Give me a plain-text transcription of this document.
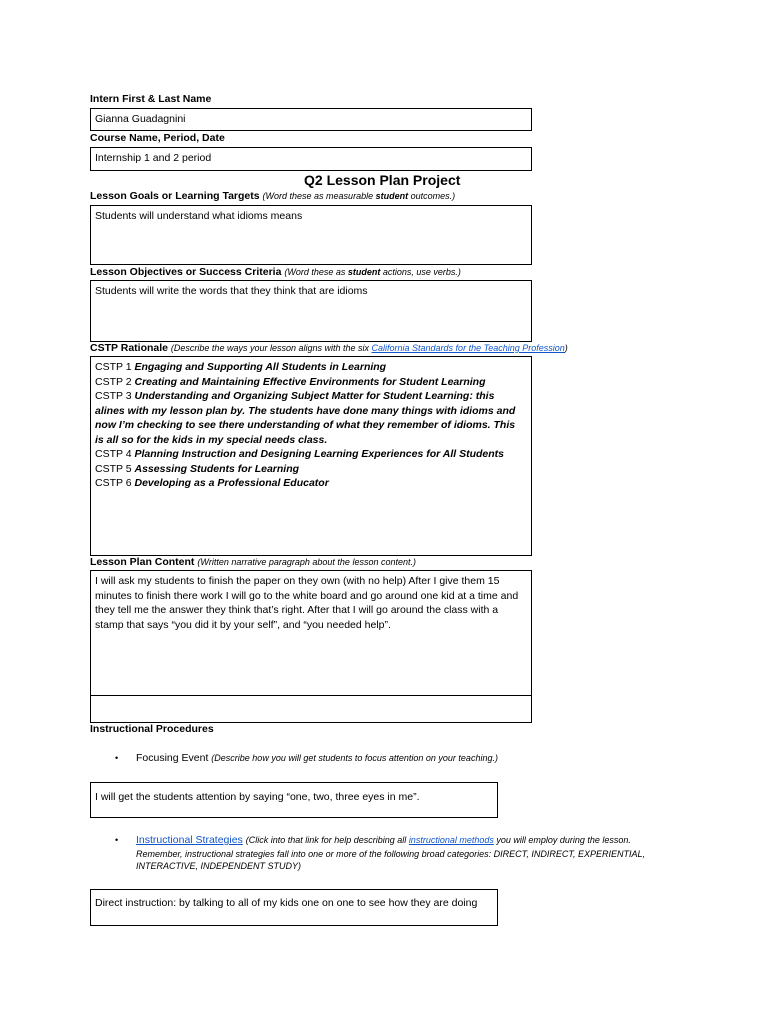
Intern First & Last Name
Gianna Guadagnini
Course Name, Period, Date
Internship 1 and 2 period
Q2 Lesson Plan Project
Lesson Goals or Learning Targets (Word these as measurable student outcomes.)
Students will understand what idioms means
Lesson Objectives or Success Criteria (Word these as student actions, use verbs.)
Students will write the words that they think that are idioms
CSTP Rationale (Describe the ways your lesson aligns with the six California Standards for the Teaching Profession)
CSTP 1 Engaging and Supporting All Students in Learning
CSTP 2 Creating and Maintaining Effective Environments for Student Learning
CSTP 3 Understanding and Organizing Subject Matter for Student Learning: this
alines with my lesson plan by. The students have done many things with idioms and
now I’m checking to see there understanding of what they remember of idioms. This
is all so for the kids in my special needs class.
CSTP 4 Planning Instruction and Designing Learning Experiences for All Students
CSTP 5 Assessing Students for Learning
CSTP 6 Developing as a Professional Educator
Lesson Plan Content (Written narrative paragraph about the lesson content.)
I will ask my students to finish the paper on they own (with no help) After I give them 15
minutes to finish there work I will go to the white board and go around one kid at a time and
they tell me the answer they think that’s right. After that I will go around the class with a
stamp that says “you did it by your self”, and “you needed help”.
Instructional Procedures
• Focusing Event (Describe how you will get students to focus attention on your teaching.)
I will get the students attention by saying “one, two, three eyes in me”.
• Instructional Strategies (Click into that link for help describing all instructional methods you will employ during the lesson.
Remember, instructional strategies fall into one or more of the following broad categories: DIRECT, INDIRECT, EXPERIENTIAL,
INTERACTIVE, INDEPENDENT STUDY)
Direct instruction: by talking to all of my kids one on one to see how they are doing
